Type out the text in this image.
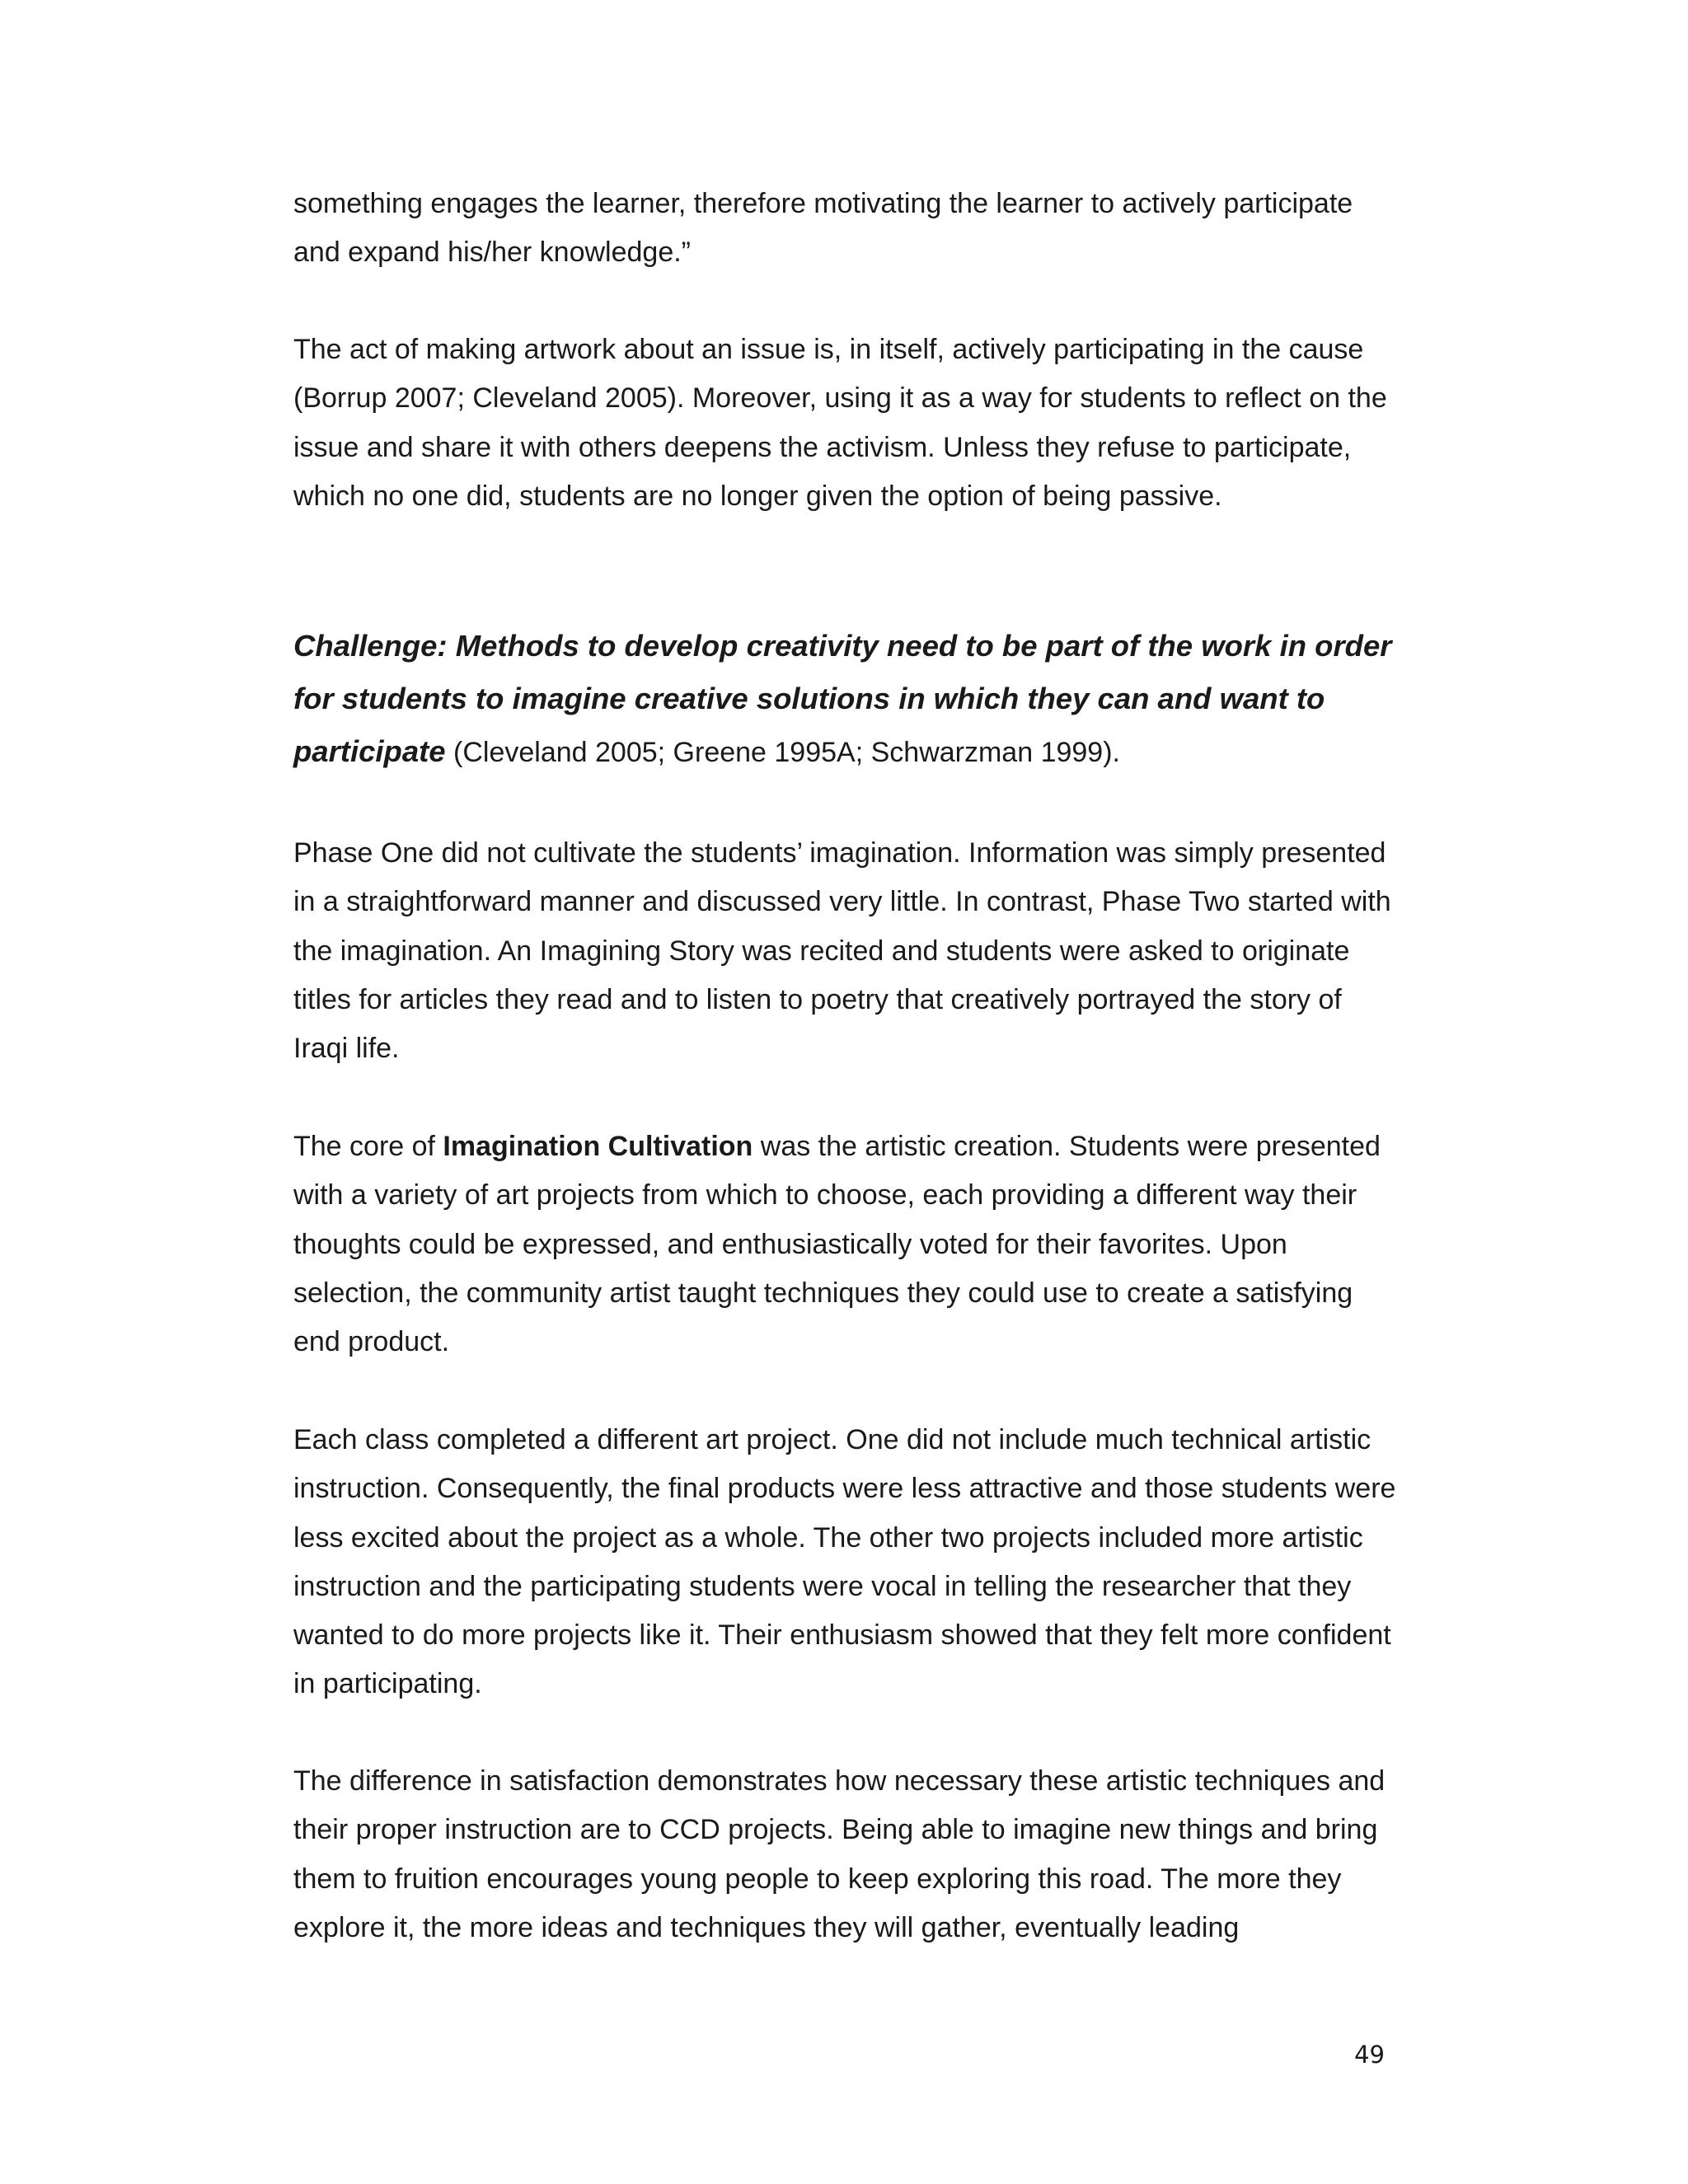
something engages the learner, therefore motivating the learner to actively participate and expand his/her knowledge.”

The act of making artwork about an issue is, in itself, actively participating in the cause (Borrup 2007; Cleveland 2005). Moreover, using it as a way for students to reflect on the issue and share it with others deepens the activism. Unless they refuse to participate, which no one did, students are no longer given the option of being passive.

Challenge: Methods to develop creativity need to be part of the work in order for students to imagine creative solutions in which they can and want to participate (Cleveland 2005; Greene 1995A; Schwarzman 1999).

Phase One did not cultivate the students’ imagination. Information was simply presented in a straightforward manner and discussed very little. In contrast, Phase Two started with the imagination. An Imagining Story was recited and students were asked to originate titles for articles they read and to listen to poetry that creatively portrayed the story of Iraqi life.

The core of Imagination Cultivation was the artistic creation. Students were presented with a variety of art projects from which to choose, each providing a different way their thoughts could be expressed, and enthusiastically voted for their favorites. Upon selection, the community artist taught techniques they could use to create a satisfying end product.

Each class completed a different art project. One did not include much technical artistic instruction. Consequently, the final products were less attractive and those students were less excited about the project as a whole. The other two projects included more artistic instruction and the participating students were vocal in telling the researcher that they wanted to do more projects like it. Their enthusiasm showed that they felt more confident in participating.

The difference in satisfaction demonstrates how necessary these artistic techniques and their proper instruction are to CCD projects. Being able to imagine new things and bring them to fruition encourages young people to keep exploring this road. The more they explore it, the more ideas and techniques they will gather, eventually leading

49
